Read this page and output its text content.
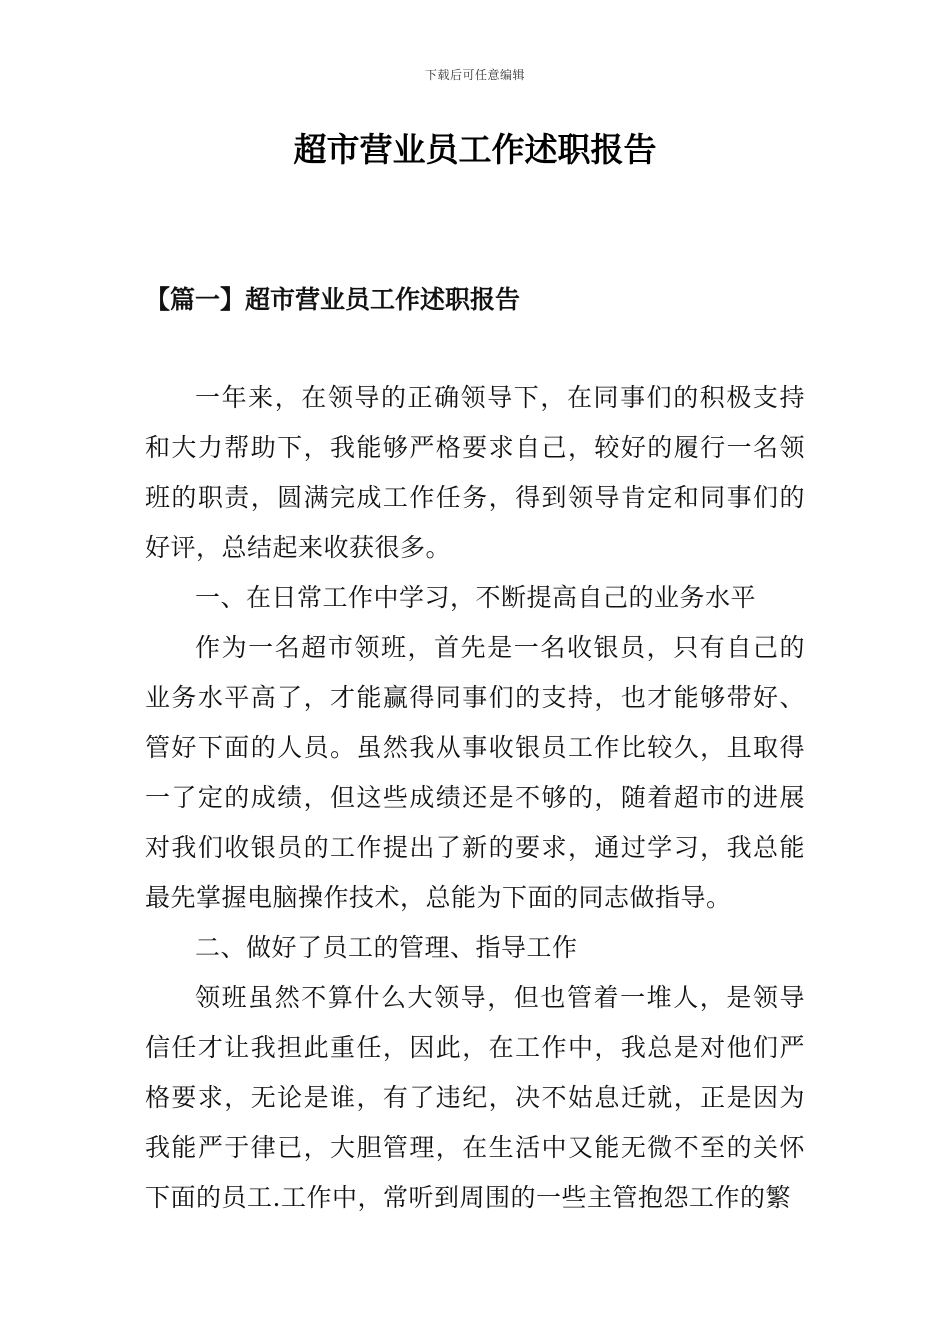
下载后可任意编辑
超市营业员工作述职报告
【篇一】超市营业员工作述职报告

一年来，在领导的正确领导下，在同事们的积极支持和大力帮助下，我能够严格要求自己，较好的履行一名领班的职责，圆满完成工作任务，得到领导肯定和同事们的好评，总结起来收获很多。

一、在日常工作中学习，不断提高自己的业务水平

作为一名超市领班，首先是一名收银员，只有自己的业务水平高了，才能赢得同事们的支持，也才能够带好、管好下面的人员。虽然我从事收银员工作比较久，且取得一了定的成绩，但这些成绩还是不够的，随着超市的进展对我们收银员的工作提出了新的要求，通过学习，我总能最先掌握电脑操作技术，总能为下面的同志做指导。

二、做好了员工的管理、指导工作

领班虽然不算什么大领导，但也管着一堆人，是领导信任才让我担此重任，因此，在工作中，我总是对他们严格要求，无论是谁，有了违纪，决不姑息迁就，正是因为我能严于律已，大胆管理，在生活中又能无微不至的关怀下面的员工.工作中，常听到周围的一些主管抱怨工作的繁
